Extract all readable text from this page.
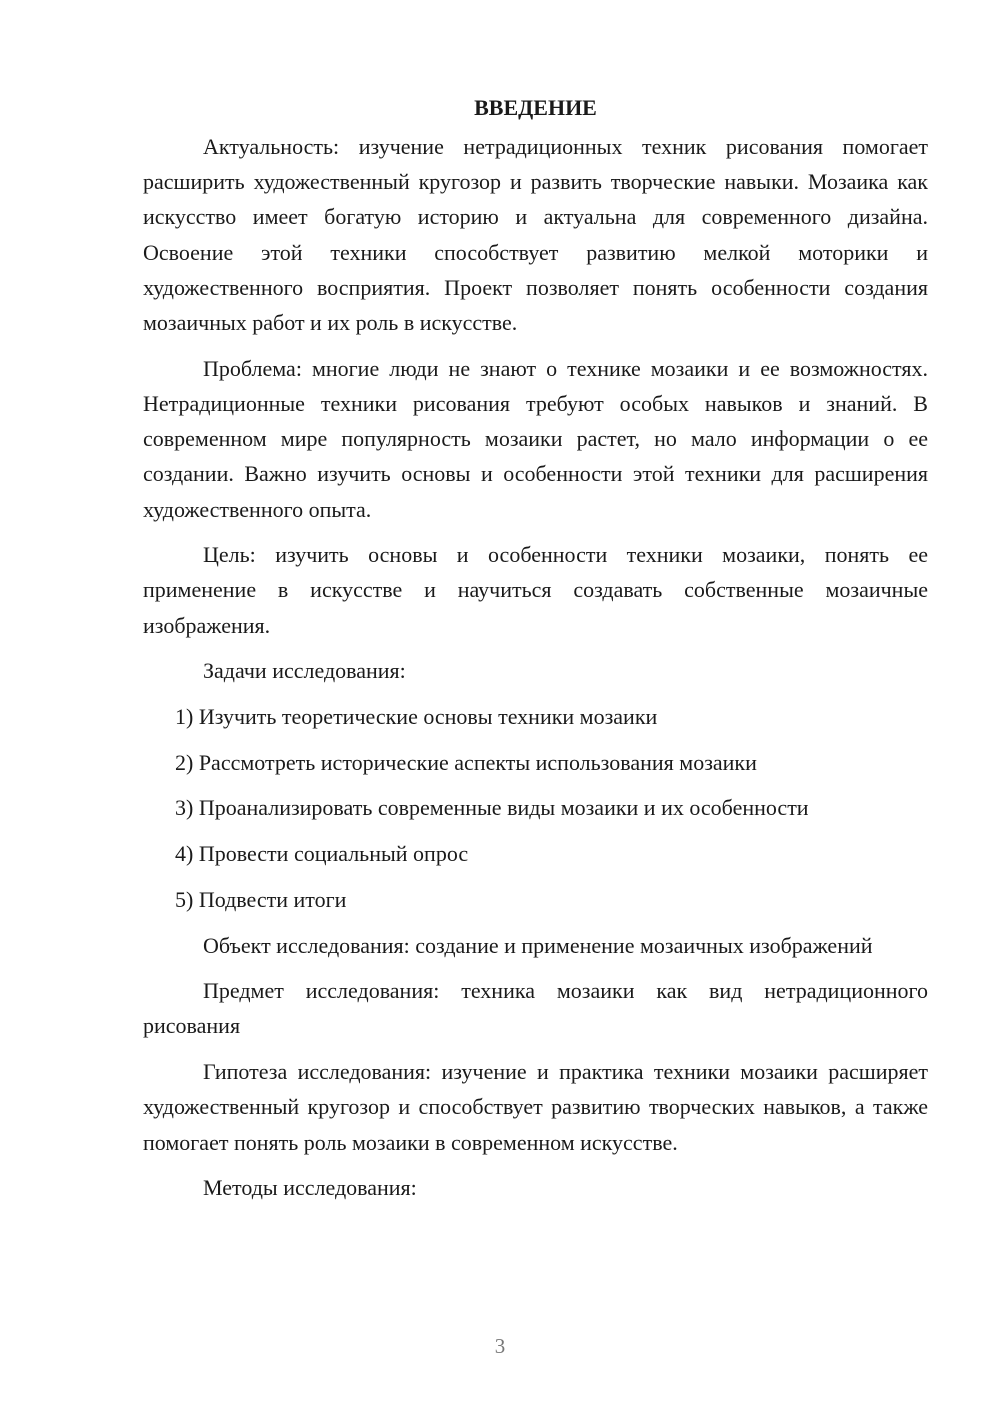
ВВЕДЕНИЕ

Актуальность: изучение нетрадиционных техник рисования помогает расширить художественный кругозор и развить творческие навыки. Мозаика как искусство имеет богатую историю и актуальна для современного дизайна. Освоение этой техники способствует развитию мелкой моторики и художественного восприятия. Проект позволяет понять особенности создания мозаичных работ и их роль в искусстве.

Проблема: многие люди не знают о технике мозаики и ее возможностях. Нетрадиционные техники рисования требуют особых навыков и знаний. В современном мире популярность мозаики растет, но мало информации о ее создании. Важно изучить основы и особенности этой техники для расширения художественного опыта.

Цель: изучить основы и особенности техники мозаики, понять ее применение в искусстве и научиться создавать собственные мозаичные изображения.

Задачи исследования:

1) Изучить теоретические основы техники мозаики

2) Рассмотреть исторические аспекты использования мозаики

3) Проанализировать современные виды мозаики и их особенности

4) Провести социальный опрос

5) Подвести итоги

Объект исследования: создание и применение мозаичных изображений

Предмет исследования: техника мозаики как вид нетрадиционного рисования

Гипотеза исследования: изучение и практика техники мозаики расширяет художественный кругозор и способствует развитию творческих навыков, а также помогает понять роль мозаики в современном искусстве.

Методы исследования:

3
